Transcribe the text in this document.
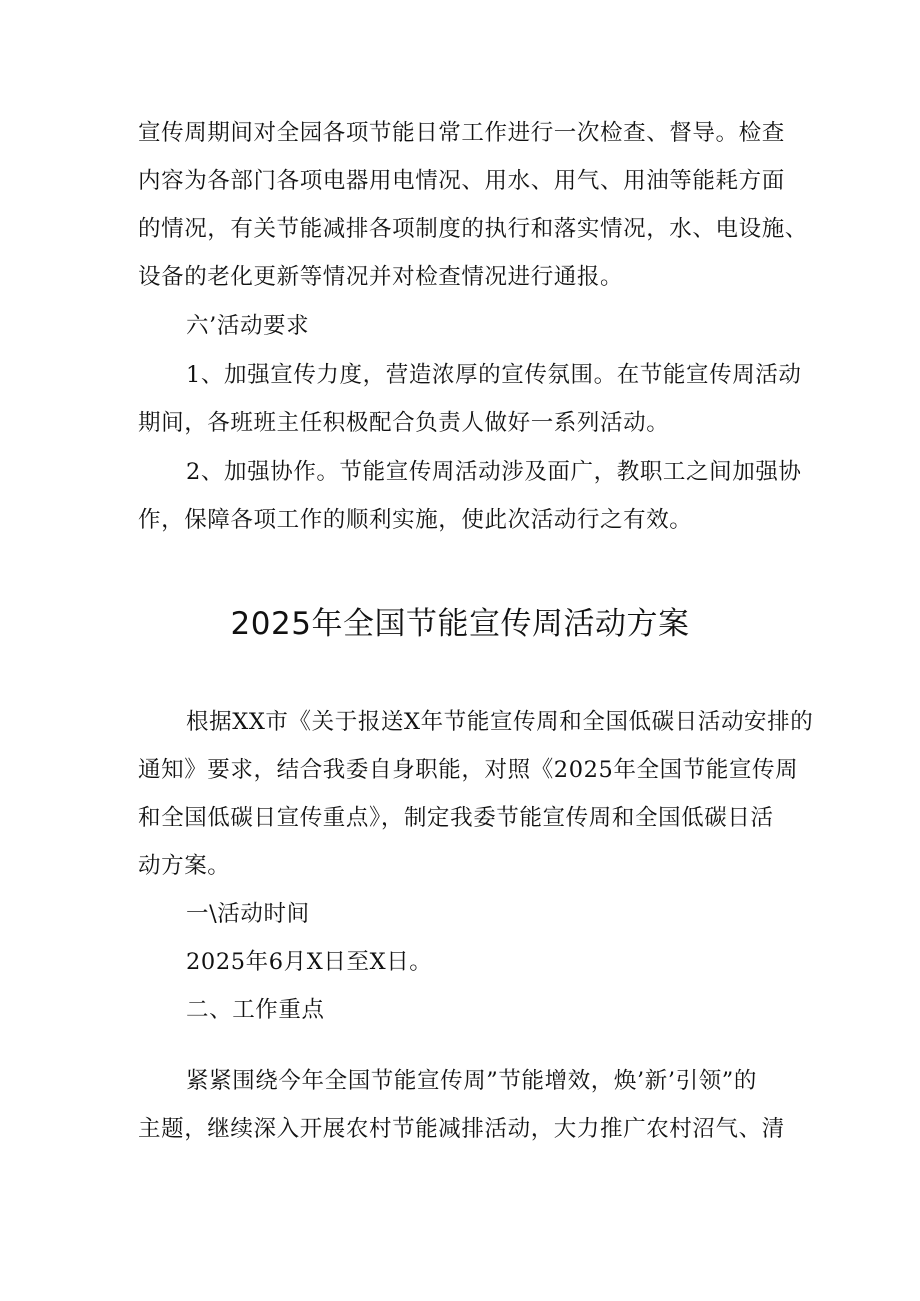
宣传周期间对全园各项节能日常工作进行一次检查、督导。检查
内容为各部门各项电器用电情况、用水、用气、用油等能耗方面
的情况，有关节能减排各项制度的执行和落实情况，水、电设施、
设备的老化更新等情况并对检查情况进行通报。
六’活动要求
1、加强宣传力度，营造浓厚的宣传氛围。在节能宣传周活动
期间，各班班主任积极配合负责人做好一系列活动。
2、加强协作。节能宣传周活动涉及面广，教职工之间加强协
作，保障各项工作的顺利实施，使此次活动行之有效。
2025年全国节能宣传周活动方案
根据XX市《关于报送X年节能宣传周和全国低碳日活动安排的
通知》要求，结合我委自身职能，对照《2025年全国节能宣传周
和全国低碳日宣传重点》，制定我委节能宣传周和全国低碳日活
动方案。
一\活动时间
2025年6月X日至X日。
二、工作重点
紧紧围绕今年全国节能宣传周”节能增效，焕’新’引领”的
主题，继续深入开展农村节能减排活动，大力推广农村沼气、清
